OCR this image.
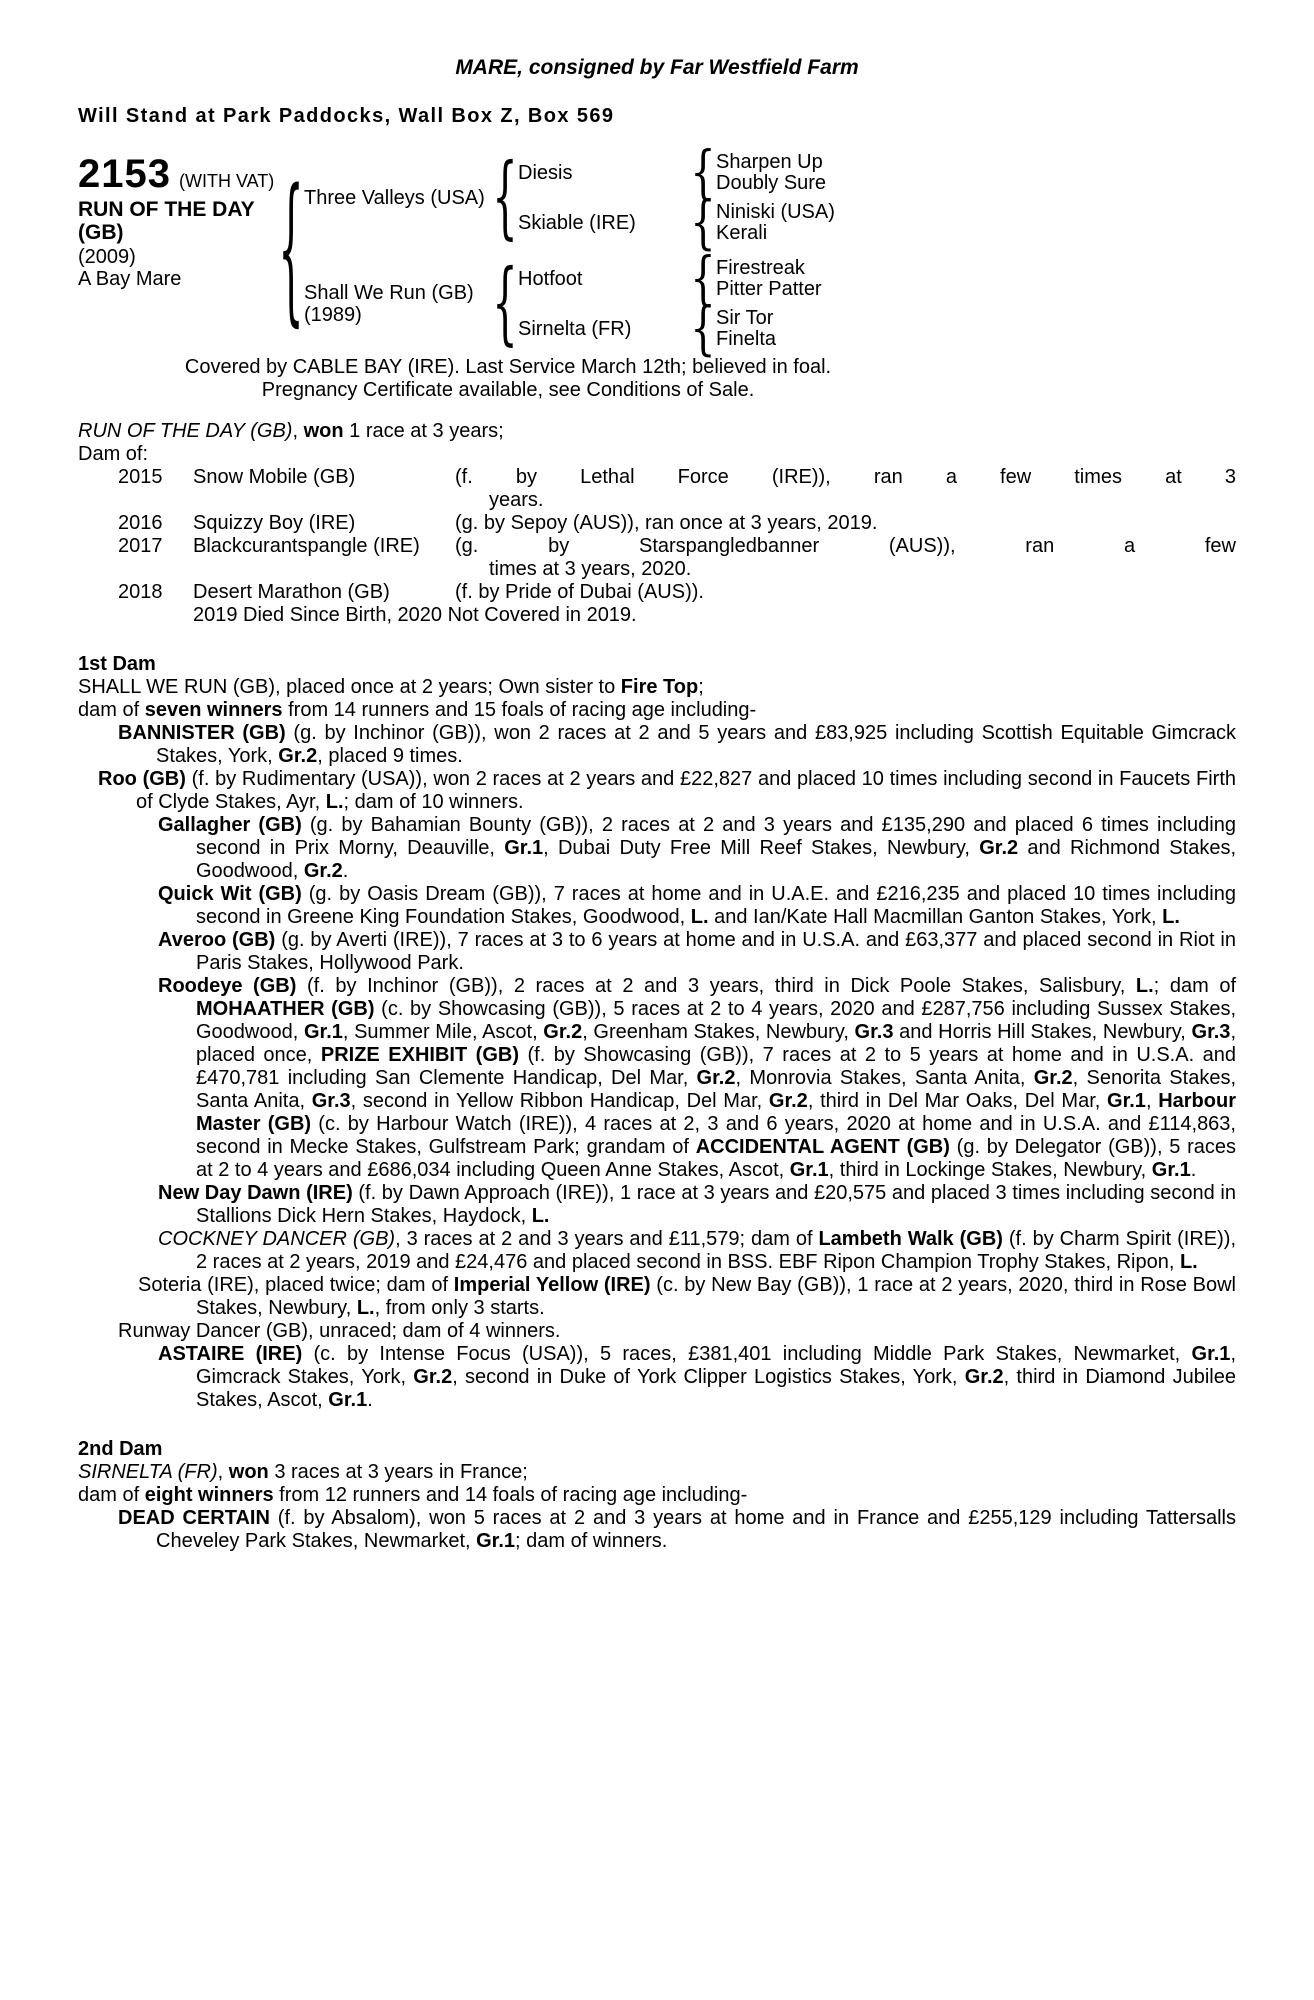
MARE, consigned by Far Westfield Farm
Will Stand at Park Paddocks, Wall Box Z, Box 569
2153 (WITH VAT)
RUN OF THE DAY
(GB)
(2009)
A Bay Mare	{ Three Valleys (USA) { Diesis	{ Sharpen Up
Doubly Sure
Skiable (IRE)	{ Niniski (USA)
Kerali
Shall We Run (GB)
(1989)	{ Hotfoot	{ Firestreak
Pitter Patter
Sirnelta (FR)	{ Sir Tor
Finelta
Covered by CABLE BAY (IRE). Last Service March 12th; believed in foal.
Pregnancy Certificate available, see Conditions of Sale.

RUN OF THE DAY (GB), won 1 race at 3 years;

Dam of:
2015	Snow Mobile (GB)	(f. by Lethal Force (IRE)), ran a few times at 3
years.
2016	Squizzy Boy (IRE)	(g. by Sepoy (AUS)), ran once at 3 years, 2019.
2017	Blackcurantspangle (IRE)	(g. by Starspangledbanner (AUS)), ran a few
times at 3 years, 2020.
2018	Desert Marathon (GB)	(f. by Pride of Dubai (AUS)).
2019 Died Since Birth, 2020 Not Covered in 2019.
1st Dam

SHALL WE RUN (GB), placed once at 2 years; Own sister to Fire Top;

dam of seven winners from 14 runners and 15 foals of racing age including-

BANNISTER (GB) (g. by Inchinor (GB)), won 2 races at 2 and 5 years and £83,925 including Scottish Equitable Gimcrack Stakes, York, Gr.2, placed 9 times.

Roo (GB) (f. by Rudimentary (USA)), won 2 races at 2 years and £22,827 and placed 10 times including second in Faucets Firth of Clyde Stakes, Ayr, L.; dam of 10 winners.

Gallagher (GB) (g. by Bahamian Bounty (GB)), 2 races at 2 and 3 years and £135,290 and placed 6 times including second in Prix Morny, Deauville, Gr.1, Dubai Duty Free Mill Reef Stakes, Newbury, Gr.2 and Richmond Stakes, Goodwood, Gr.2.

Quick Wit (GB) (g. by Oasis Dream (GB)), 7 races at home and in U.A.E. and £216,235 and placed 10 times including second in Greene King Foundation Stakes, Goodwood, L. and Ian/Kate Hall Macmillan Ganton Stakes, York, L.

Averoo (GB) (g. by Averti (IRE)), 7 races at 3 to 6 years at home and in U.S.A. and £63,377 and placed second in Riot in Paris Stakes, Hollywood Park.

Roodeye (GB) (f. by Inchinor (GB)), 2 races at 2 and 3 years, third in Dick Poole Stakes, Salisbury, L.; dam of MOHAATHER (GB) (c. by Showcasing (GB)), 5 races at 2 to 4 years, 2020 and £287,756 including Sussex Stakes, Goodwood, Gr.1, Summer Mile, Ascot, Gr.2, Greenham Stakes, Newbury, Gr.3 and Horris Hill Stakes, Newbury, Gr.3, placed once, PRIZE EXHIBIT (GB) (f. by Showcasing (GB)), 7 races at 2 to 5 years at home and in U.S.A. and £470,781 including San Clemente Handicap, Del Mar, Gr.2, Monrovia Stakes, Santa Anita, Gr.2, Senorita Stakes, Santa Anita, Gr.3, second in Yellow Ribbon Handicap, Del Mar, Gr.2, third in Del Mar Oaks, Del Mar, Gr.1, Harbour Master (GB) (c. by Harbour Watch (IRE)), 4 races at 2, 3 and 6 years, 2020 at home and in U.S.A. and £114,863, second in Mecke Stakes, Gulfstream Park; grandam of ACCIDENTAL AGENT (GB) (g. by Delegator (GB)), 5 races at 2 to 4 years and £686,034 including Queen Anne Stakes, Ascot, Gr.1, third in Lockinge Stakes, Newbury, Gr.1.

New Day Dawn (IRE) (f. by Dawn Approach (IRE)), 1 race at 3 years and £20,575 and placed 3 times including second in Stallions Dick Hern Stakes, Haydock, L.

COCKNEY DANCER (GB), 3 races at 2 and 3 years and £11,579; dam of Lambeth Walk (GB) (f. by Charm Spirit (IRE)), 2 races at 2 years, 2019 and £24,476 and placed second in BSS. EBF Ripon Champion Trophy Stakes, Ripon, L.

Soteria (IRE), placed twice; dam of Imperial Yellow (IRE) (c. by New Bay (GB)), 1 race at 2 years, 2020, third in Rose Bowl Stakes, Newbury, L., from only 3 starts.

Runway Dancer (GB), unraced; dam of 4 winners.

ASTAIRE (IRE) (c. by Intense Focus (USA)), 5 races, £381,401 including Middle Park Stakes, Newmarket, Gr.1, Gimcrack Stakes, York, Gr.2, second in Duke of York Clipper Logistics Stakes, York, Gr.2, third in Diamond Jubilee Stakes, Ascot, Gr.1.

2nd Dam

SIRNELTA (FR), won 3 races at 3 years in France;

dam of eight winners from 12 runners and 14 foals of racing age including-

DEAD CERTAIN (f. by Absalom), won 5 races at 2 and 3 years at home and in France and £255,129 including Tattersalls Cheveley Park Stakes, Newmarket, Gr.1; dam of winners.
